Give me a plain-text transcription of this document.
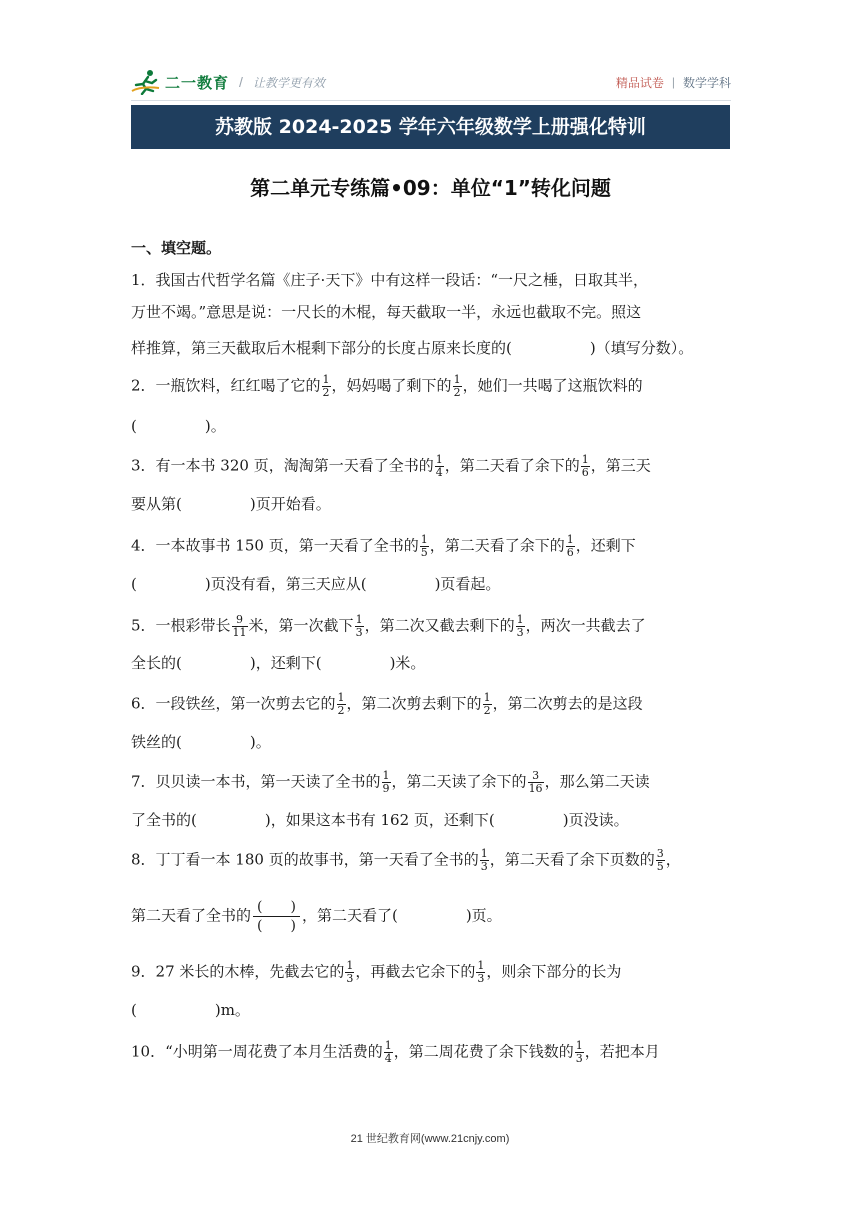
二一教育 / 让教学更有效	精品试卷 | 数学学科
苏教版 2024-2025 学年六年级数学上册强化特训
第二单元专练篇•09：单位“1”转化问题
一、填空题。
1．我国古代哲学名篇《庄子·天下》中有这样一段话：“一尺之棰，日取其半，
万世不竭。”意思是说：一尺长的木棍，每天截取一半，永远也截取不完。照这
样推算，第三天截取后木棍剩下部分的长度占原来长度的(	)（填写分数）。
2．一瓶饮料，红红喝了它的 $\frac{1}{2}$ ，妈妈喝了剩下的 $\frac{1}{2}$ ，她们一共喝了这瓶饮料的
(	)。
3．有一本书 320 页，淘淘第一天看了全书的 $\frac{1}{4}$ ，第二天看了余下的 $\frac{1}{6}$ ，第三天
要从第(	)页开始看。
4．一本故事书 150 页，第一天看了全书的 $\frac{1}{5}$ ，第二天看了余下的 $\frac{1}{6}$ ，还剩下
(	)页没有看，第三天应从(	)页看起。
5．一根彩带长 $\frac{9}{11}$ 米，第一次截下 $\frac{1}{3}$ ，第二次又截去剩下的 $\frac{1}{3}$ ，两次一共截去了
全长的(	)，还剩下(	)米。
6．一段铁丝，第一次剪去它的 $\frac{1}{2}$ ，第二次剪去剩下的 $\frac{1}{2}$ ，第二次剪去的是这段
铁丝的(	)。
7．贝贝读一本书，第一天读了全书的 $\frac{1}{9}$ ，第二天读了余下的 $\frac{3}{16}$ ，那么第二天读
了全书的(	)，如果这本书有 162 页，还剩下(	)页没读。
8．丁丁看一本 180 页的故事书，第一天看了全书的 $\frac{1}{3}$ ，第二天看了余下页数的 $\frac{3}{5}$ ，
第二天看了全书的 (　　)
(　　)
，第二天看了(	)页。
9．27 米长的木棒，先截去它的 $\frac{1}{3}$ ，再截去它余下的 $\frac{1}{3}$ ，则余下部分的长为
(	)m。
10．“小明第一周花费了本月生活费的 $\frac{1}{4}$ ，第二周花费了余下钱数的 $\frac{1}{3}$ ，若把本月
21 世纪教育网(www.21cnjy.com)
